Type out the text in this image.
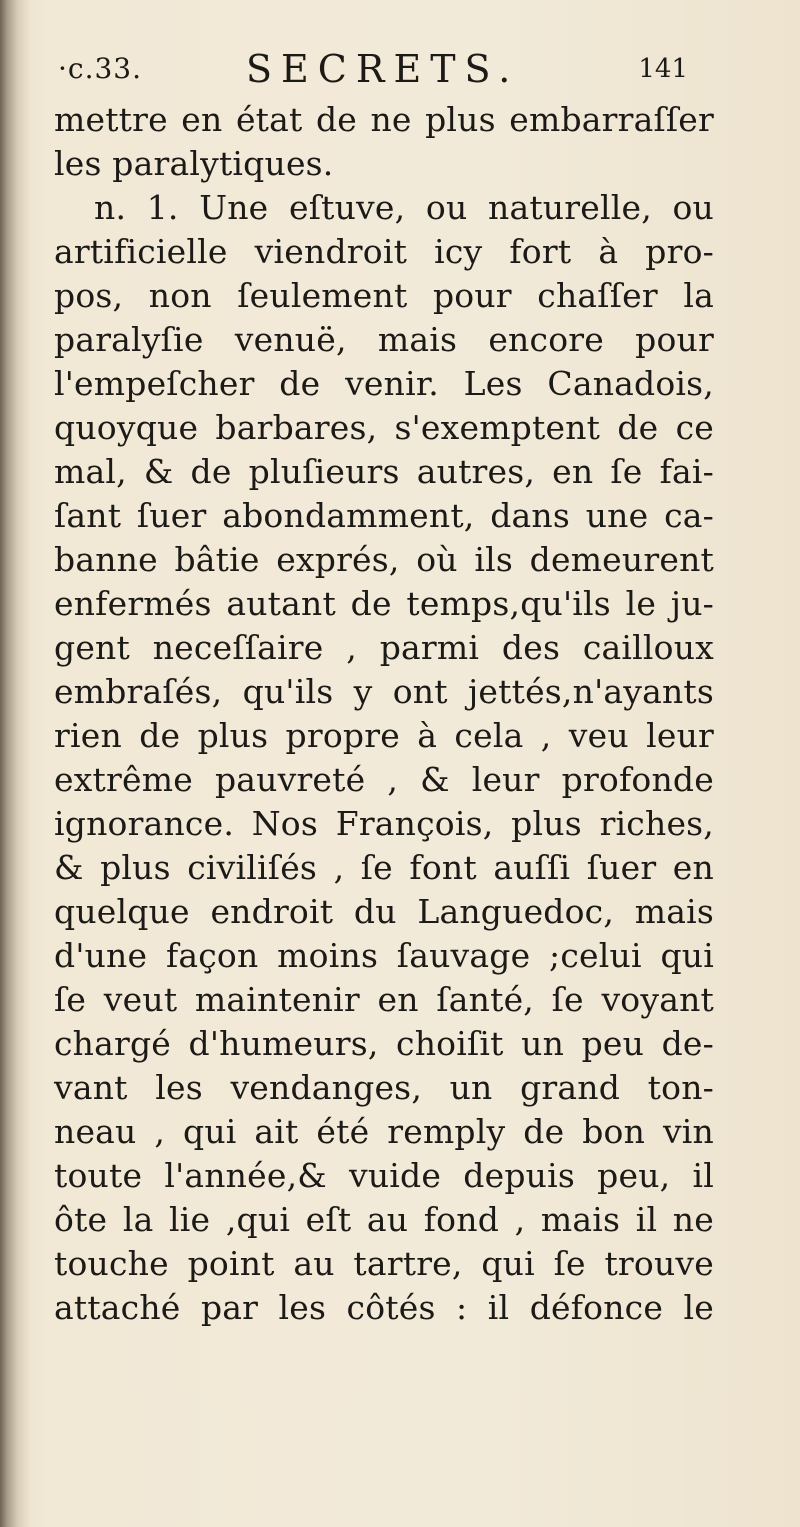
·c.33.	SECRETS.	141
mettre en état de ne plus embarraſſer
les paralytiques.
n. 1. Une eſtuve, ou naturelle, ou
artificielle viendroit icy fort à pro-
pos, non ſeulement pour chaſſer la
paralyſie venuë, mais encore pour
l'empeſcher de venir. Les Canadois,
quoyque barbares, s'exemptent de ce
mal, & de pluſieurs autres, en ſe fai-
ſant ſuer abondamment, dans une ca-
banne bâtie exprés, où ils demeurent
enfermés autant de temps,qu'ils le ju-
gent neceſſaire , parmi des cailloux
embraſés, qu'ils y ont jettés,n'ayants
rien de plus propre à cela , veu leur
extrême pauvreté , & leur profonde
ignorance. Nos François, plus riches,
& plus civiliſés , ſe font auſſi ſuer en
quelque endroit du Languedoc, mais
d'une façon moins ſauvage ;celui qui
ſe veut maintenir en ſanté, ſe voyant
chargé d'humeurs, choiſit un peu de-
vant les vendanges, un grand ton-
neau , qui ait été remply de bon vin
toute l'année,& vuide depuis peu, il
ôte la lie ,qui eſt au fond , mais il ne
touche point au tartre, qui ſe trouve
attaché par les côtés : il défonce le
